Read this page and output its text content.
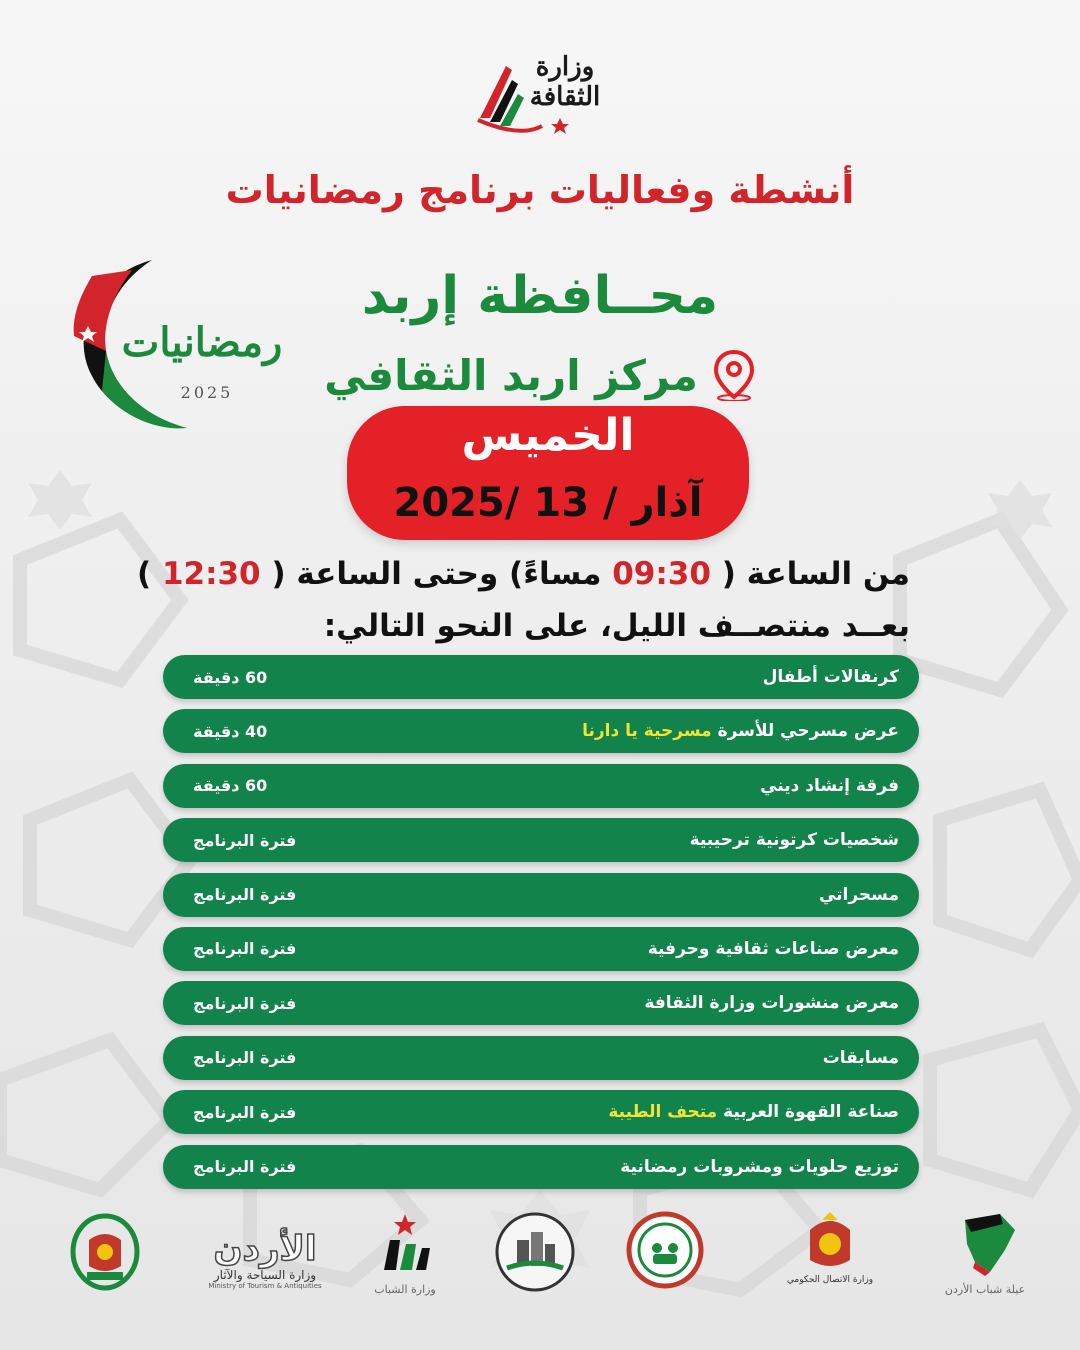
وزارة الثقافة
أنشطة وفعاليات برنامج رمضانيات
رمضانيات
2025
محــافظة إربد
مركز اربد الثقافي
الخميس
2025/ آذار / 13
من الساعة ( 09:30 مساءً) وحتى الساعة ( 12:30 )
بعــد منتصــف الليل، على النحو التالي:
كرنفالات أطفال
60 دقيقة
عرض مسرحي للأسرة مسرحية يا دارنا
40 دقيقة
فرقة إنشاد ديني
60 دقيقة
شخصيات كرتونية ترحيبية
فترة البرنامج
مسحراتي
فترة البرنامج
معرض صناعات ثقافية وحرفية
فترة البرنامج
معرض منشورات وزارة الثقافة
فترة البرنامج
مسابقات
فترة البرنامج
صناعة القهوة العربية متحف الطيبة
فترة البرنامج
توزيع حلويات ومشروبات رمضانية
فترة البرنامج
عيلة شباب الأردن
وزارة الاتصال الحكومي
وزارة الشباب
الأردن
وزارة السياحة والآثار
Ministry of Tourism & Antiquities
